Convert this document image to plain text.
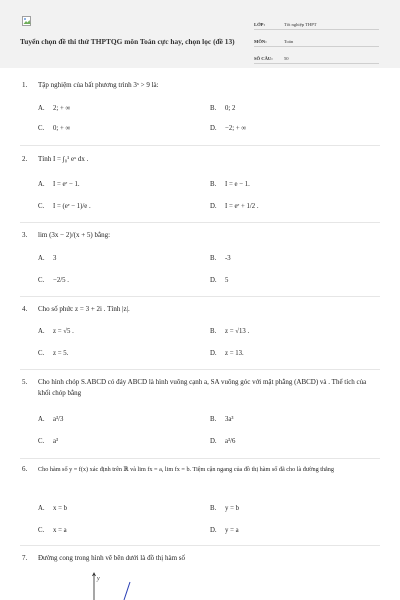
Tuyển chọn đề thi thử THPTQG môn Toán cực hay, chọn lọc (đề 13)
LỚP:	Tốt nghiệp THPT
MÔN:	Toán
SỐ CÂU: 50
1.	Tập nghiệm của bất phương trình 3ˣ > 9 là:
A. 2; + ∞	B. 0; 2
C. 0; + ∞	D. −2; + ∞
2.	Tính I = ∫₀¹ eˣ dx .
A. I = eᵉ − 1.	B. I = e − 1.
C. I = (eᵉ − 1)/e .	D. I = eᵉ + 1/2 .
3.	lim (3x − 2)/(x + 5) bằng:
A. 3	B. -3
C. −2/5 .	D. 5
4.	Cho số phức z = 3 + 2i . Tính |z|.
A. z = √5 .	B. z = √13 .
C. z = 5.	D. z = 13.
5.	Cho hình chóp S.ABCD có đáy ABCD là hình vuông cạnh a, SA vuông góc với mặt phẳng (ABCD) và . Thể tích của khối chóp bằng
A. a³/3	B. 3a³
C. a³	D. a³/6
6.	Cho hàm số y = f(x) xác định trên ℝ và lim fx = a, lim fx = b. Tiệm cận ngang của đồ thị hàm số đã cho là đường thẳng
A. x = b	B. y = b
C. x = a	D. y = a
7.	Đường cong trong hình vẽ bên dưới là đồ thị hàm số
y
